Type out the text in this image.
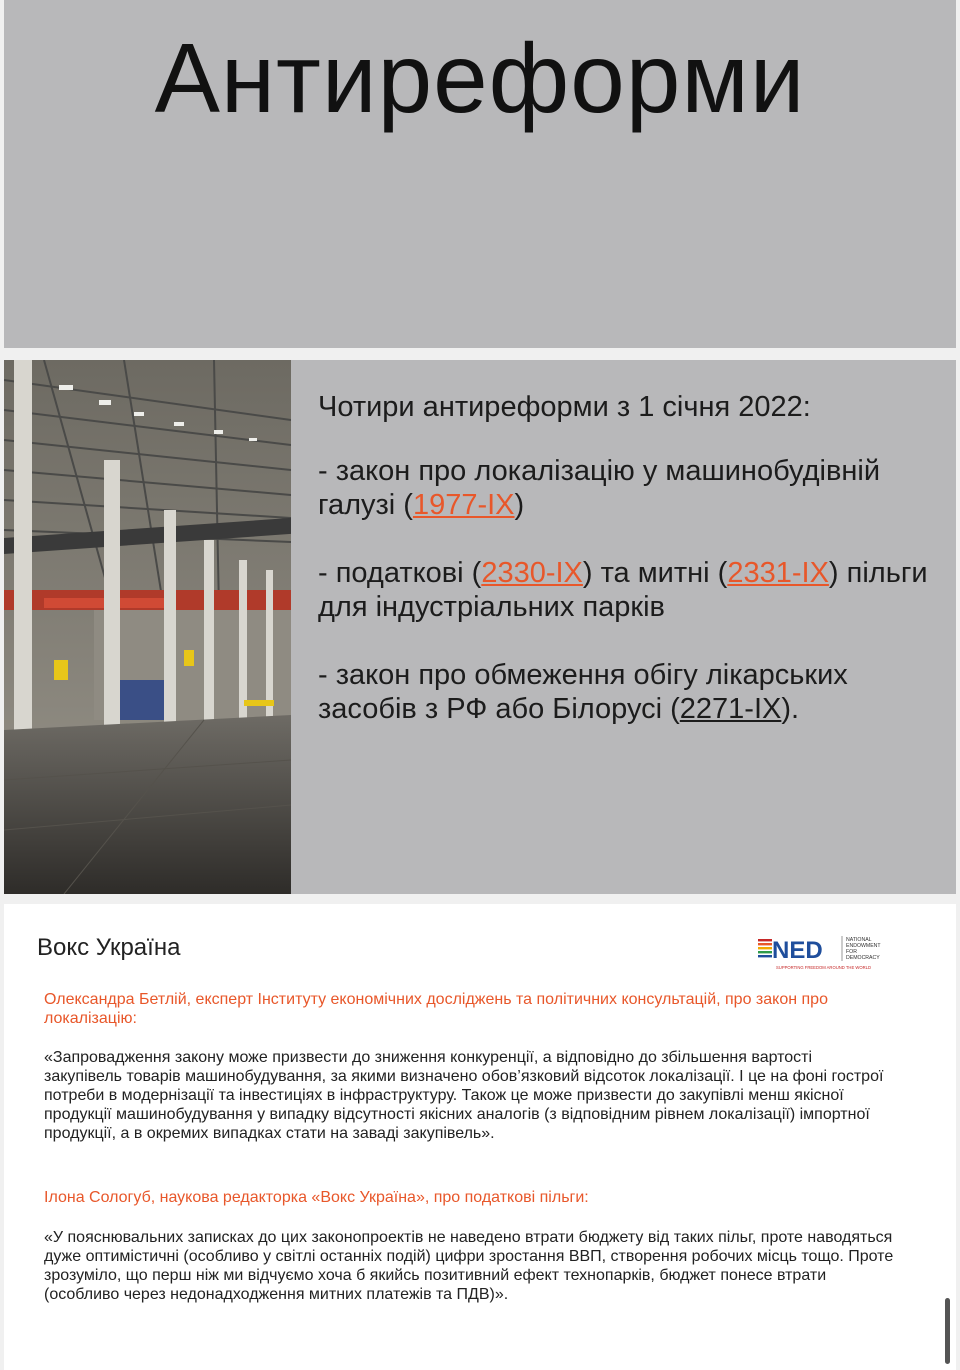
Антиреформи

Чотири антиреформи з 1 січня 2022:

- закон про локалізацію у машинобудівній галузі (1977-IX)

- податкові (2330-IX) та митні (2331-IX) пільги для індустріальних парків

- закон про обмеження обігу лікарських засобів з РФ або Білорусі (2271-IX).

Вокс Україна	NED	NATIONAL
ENDOWMENT
FOR
DEMOCRACY
SUPPORTING FREEDOM AROUND THE WORLD
Олександра Бетлій, експерт Інституту економічних досліджень та політичних консультацій, про закон про локалізацію:
«Запровадження закону може призвести до зниження конкуренції, а відповідно до збільшення вартості закупівель товарів машинобудування, за якими визначено обов’язковий відсоток локалізації. І це на фоні гострої потреби в модернізації та інвестиціях в інфраструктуру. Також це може призвести до закупівлі менш якісної продукції машинобудування у випадку відсутності якісних аналогів (з відповідним рівнем локалізації) імпортної продукції, а в окремих випадках стати на заваді закупівель».
Ілона Сологуб, наукова редакторка «Вокс Україна», про податкові пільги:
«У пояснювальних записках до цих законопроектів не наведено втрати бюджету від таких пільг, проте наводяться дуже оптимістичні (особливо у світлі останніх подій) цифри зростання ВВП, створення робочих місць тощо. Проте зрозуміло, що перш ніж ми відчуємо хоча б якийсь позитивний ефект технопарків, бюджет понесе втрати (особливо через недонадходження митних платежів та ПДВ)».
